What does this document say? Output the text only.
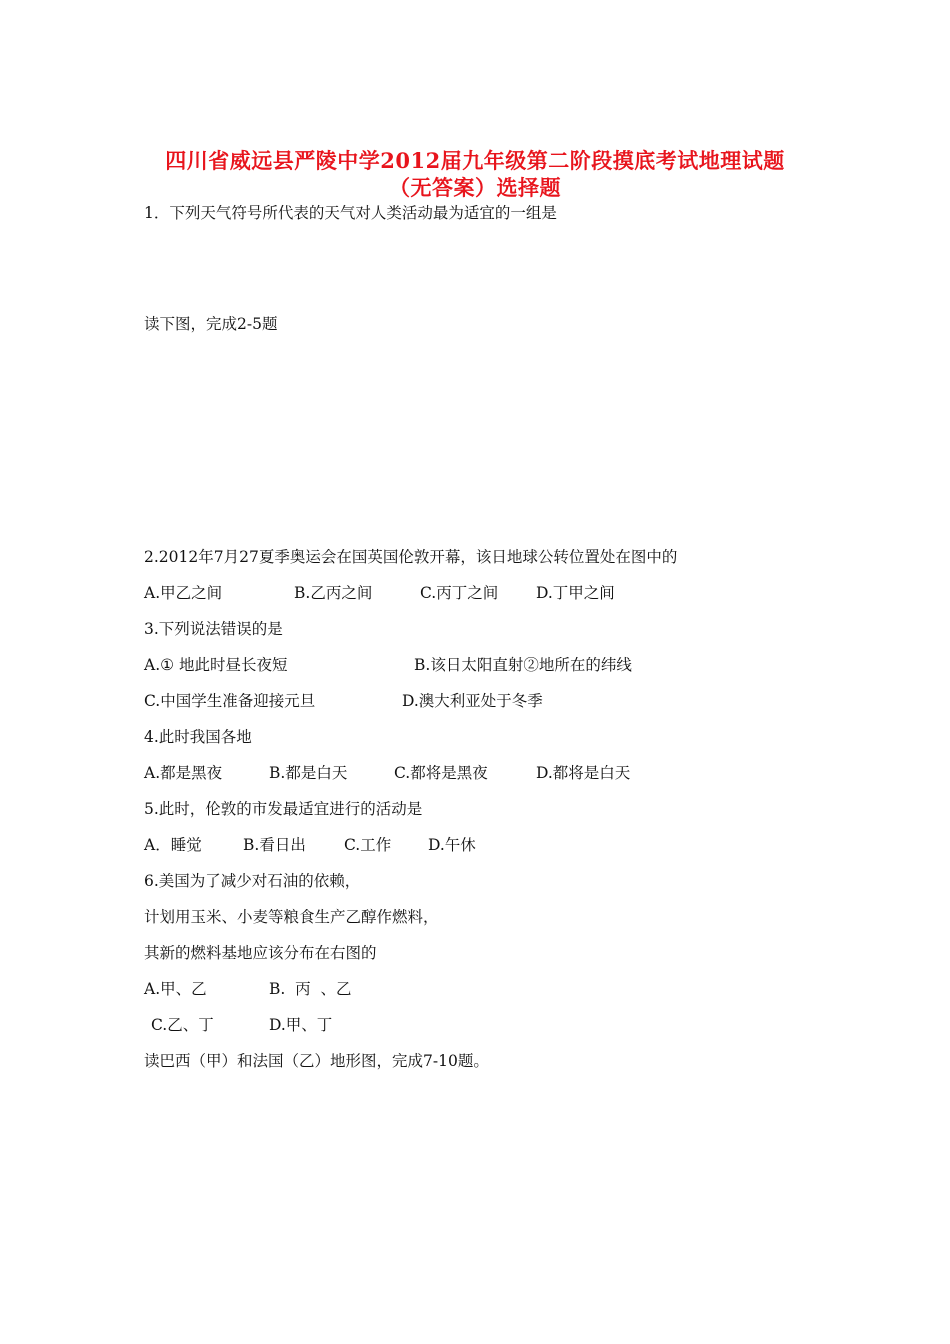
四川省威远县严陵中学2012届九年级第二阶段摸底考试地理试题
（无答案）选择题
1．下列天气符号所代表的天气对人类活动最为适宜的一组是
读下图，完成2-5题
2.2012年7月27夏季奥运会在国英国伦敦开幕，该日地球公转位置处在图中的
A.甲乙之间	B.乙丙之间	C.丙丁之间 D.丁甲之间
3.下列说法错误的是
A.① 地此时昼长夜短	B.该日太阳直射②地所在的纬线
C.中国学生准备迎接元旦	D.澳大利亚处于冬季
4.此时我国各地
A.都是黑夜	B.都是白天	C.都将是黑夜	D.都将是白天
5.此时，伦敦的市发最适宜进行的活动是
A．睡觉	B.看日出 C.工作 D.午休
6.美国为了减少对石油的依赖，
计划用玉米、小麦等粮食生产乙醇作燃料，
其新的燃料基地应该分布在右图的
A.甲、乙	B.  丙  、乙
C.乙、丁	D.甲、丁
读巴西（甲）和法国（乙）地形图，完成7-10题。
